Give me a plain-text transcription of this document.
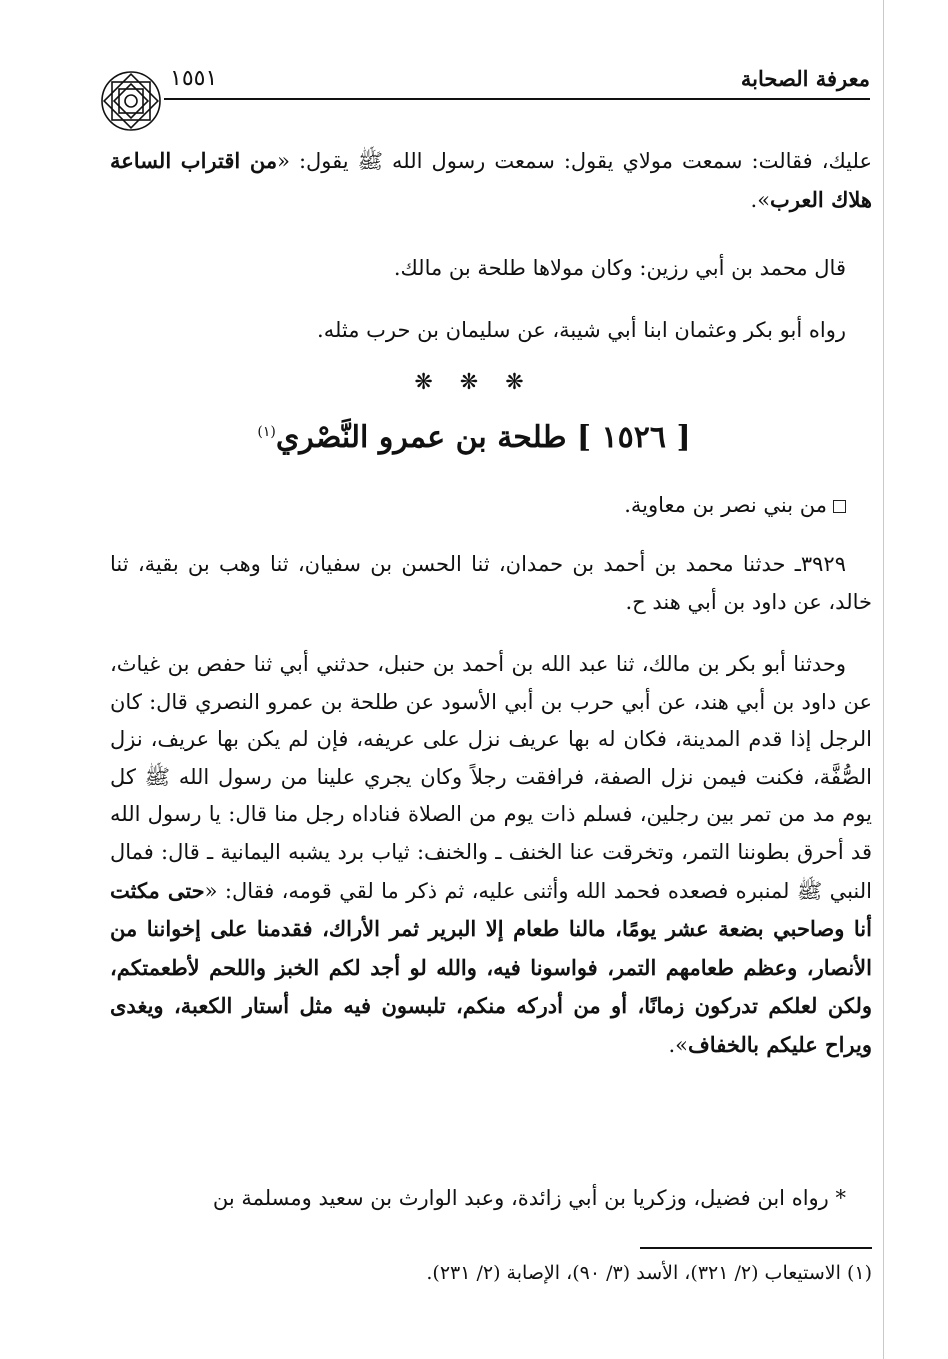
معرفة الصحابة
١٥٥١

عليك، فقالت: سمعت مولاي يقول: سمعت رسول الله ﷺ يقول: «من اقتراب الساعة هلاك العرب».

قال محمد بن أبي رزين: وكان مولاها طلحة بن مالك.

رواه أبو بكر وعثمان ابنا أبي شيبة، عن سليمان بن حرب مثله.

❋ ❋ ❋
[ ١٥٢٦ ] طلحة بن عمرو النَّصْري$^{(١)}$

من بني نصر بن معاوية.

٣٩٢٩ـ حدثنا محمد بن أحمد بن حمدان، ثنا الحسن بن سفيان، ثنا وهب بن بقية، ثنا خالد، عن داود بن أبي هند ح.

وحدثنا أبو بكر بن مالك، ثنا عبد الله بن أحمد بن حنبل، حدثني أبي ثنا حفص بن غياث، عن داود بن أبي هند، عن أبي حرب بن أبي الأسود عن طلحة بن عمرو النصري قال: كان الرجل إذا قدم المدينة، فكان له بها عريف نزل على عريفه، فإن لم يكن بها عريف، نزل الصُّفَّة، فكنت فيمن نزل الصفة، فرافقت رجلاً وكان يجري علينا من رسول الله ﷺ كل يوم مد من تمر بين رجلين، فسلم ذات يوم من الصلاة فناداه رجل منا قال: يا رسول الله قد أحرق بطوننا التمر، وتخرقت عنا الخنف ـ والخنف: ثياب برد يشبه اليمانية ـ قال: فمال النبي ﷺ لمنبره فصعده فحمد الله وأثنى عليه، ثم ذكر ما لقي قومه، فقال: «حتى مكثت أنا وصاحبي بضعة عشر يومًا، مالنا طعام إلا البرير ثمر الأراك، فقدمنا على إخواننا من الأنصار، وعظم طعامهم التمر، فواسونا فيه، والله لو أجد لكم الخبز واللحم لأطعمتكم، ولكن لعلكم تدركون زمانًا، أو من أدركه منكم، تلبسون فيه مثل أستار الكعبة، ويغدى ويراح عليكم بالخفاف».

* رواه ابن فضيل، وزكريا بن أبي زائدة، وعبد الوارث بن سعيد ومسلمة بن

(١) الاستيعاب (٢/ ٣٢١)، الأسد (٣/ ٩٠)، الإصابة (٢/ ٢٣١).
